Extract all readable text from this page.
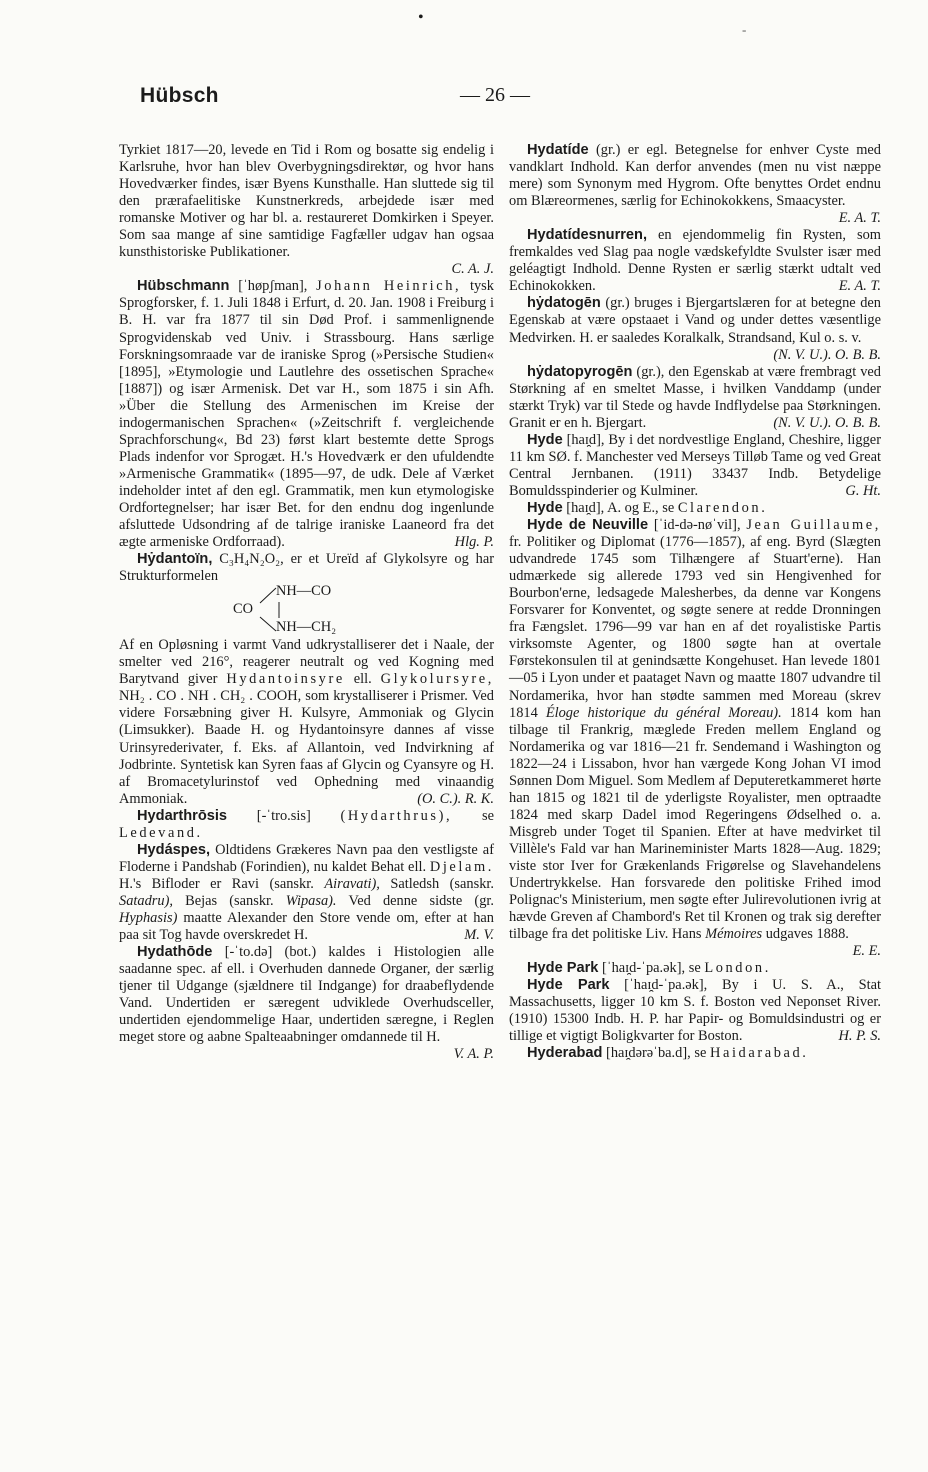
•
-
Hübsch	— 26 —

Tyrkiet 1817—20, levede en Tid i Rom og bosatte sig endelig i Karlsruhe, hvor han blev Overbygningsdirektør, og hvor hans Hovedværker findes, især Byens Kunsthalle. Han sluttede sig til den prærafaelitiske Kunstnerkreds, arbejdede især med romanske Motiver og har bl. a. restaureret Domkirken i Speyer. Som saa mange af sine samtidige Fagfæller udgav han ogsaa kunsthistoriske Publikationer.
C. A. J.

Hübschmann [ˈhøpʃman], Johann Heinrich, tysk Sprogforsker, f. 1. Juli 1848 i Erfurt, d. 20. Jan. 1908 i Freiburg i B. H. var fra 1877 til sin Død Prof. i sammenlignende Sprogvidenskab ved Univ. i Strassbourg. Hans særlige Forskningsomraade var de iraniske Sprog (»Persische Studien« [1895], »Etymologie und Lautlehre des ossetischen Sprache« [1887]) og især Armenisk. Det var H., som 1875 i sin Afh. »Über die Stellung des Armenischen im Kreise der indogermanischen Sprachen« (»Zeitschrift f. vergleichende Sprachforschung«, Bd 23) først klart bestemte dette Sprogs Plads indenfor vor Sprogæt. H.'s Hovedværk er den ufuldendte »Armenische Grammatik« (1895—97, de udk. Dele af Værket indeholder intet af den egl. Grammatik, men kun etymologiske Ordfortegnelser; har især Bet. for den endnu dog ingenlunde afsluttede Udsondring af de talrige iraniske Laaneord fra det ægte armeniske Ordforraad).	Hlg. P.

Hẏdantoïn, C₃H₄N₂O₂, er et Ureïd af Glykolsyre og har Strukturformelen

NH—CO
CO
NH—CH₂

Af en Opløsning i varmt Vand udkrystalliserer det i Naale, der smelter ved 216°, reagerer neutralt og ved Kogning med Barytvand giver Hydantoinsyre ell. Glykolursyre, NH₂ . CO . NH . CH₂ . COOH, som krystalliserer i Prismer. Ved videre Forsæbning giver H. Kulsyre, Ammoniak og Glycin (Limsukker). Baade H. og Hydantoinsyre dannes af visse Urinsyrederivater, f. Eks. af Allantoin, ved Indvirkning af Jodbrinte. Syntetisk kan Syren faas af Glycin og Cyansyre og H. af Bromacetylurinstof ved Ophedning med vinaandig Ammoniak.	(O. C.). R. K.

Hydarthrōsis [-ˈtro.sis] (Hydarthrus), se Ledevand.

Hydáspes, Oldtidens Grækeres Navn paa den vestligste af Floderne i Pandshab (Forindien), nu kaldet Behat ell. Djelam. H.'s Bifloder er Ravi (sanskr. Airavati), Satledsh (sanskr. Satadru), Bejas (sanskr. Wipasa). Ved denne sidste (gr. Hyphasis) maatte Alexander den Store vende om, efter at han paa sit Tog havde overskredet H.	M. V.

Hydathōde [-ˈto.də] (bot.) kaldes i Histologien alle saadanne spec. af ell. i Overhuden dannede Organer, der særlig tjener til Udgange (sjældnere til Indgange) for draabeflydende Vand. Undertiden er særegent udviklede Overhudsceller, undertiden ejendommelige Haar, undertiden særegne, i Reglen meget store og aabne Spalteaabninger omdannede til H.
V. A. P.

Hydatíde (gr.) er egl. Betegnelse for enhver Cyste med vandklart Indhold. Kan derfor anvendes (men nu vist næppe mere) som Synonym med Hygrom. Ofte benyttes Ordet endnu om Blæreormenes, særlig for Echinokokkens, Smaacyster.
E. A. T.

Hydatídesnurren, en ejendommelig fin Rysten, som fremkaldes ved Slag paa nogle vædskefyldte Svulster især med geléagtigt Indhold. Denne Rysten er særlig stærkt udtalt ved Echinokokken.	E. A. T.

hẏdatogēn (gr.) bruges i Bjergartslæren for at betegne den Egenskab at være opstaaet i Vand og under dettes væsentlige Medvirken. H. er saaledes Koralkalk, Strandsand, Kul o. s. v.
(N. V. U.). O. B. B.

hẏdatopyrogēn (gr.), den Egenskab at være frembragt ved Størkning af en smeltet Masse, i hvilken Vanddamp (under stærkt Tryk) var til Stede og havde Indflydelse paa Størkningen. Granit er en h. Bjergart.	(N. V. U.). O. B. B.

Hyde [haɪ̯d], By i det nordvestlige England, Cheshire, ligger 11 km SØ. f. Manchester ved Merseys Tilløb Tame og ved Great Central Jernbanen. (1911) 33437 Indb. Betydelige Bomuldsspinderier og Kulminer.	G. Ht.

Hyde [haɪ̯d], A. og E., se Clarendon.

Hyde de Neuville [ˈid-də-nøˈvil], Jean Guillaume, fr. Politiker og Diplomat (1776—1857), af eng. Byrd (Slægten udvandrede 1745 som Tilhængere af Stuart'erne). Han udmærkede sig allerede 1793 ved sin Hengivenhed for Bourbon'erne, ledsagede Malesherbes, da denne var Kongens Forsvarer for Konventet, og søgte senere at redde Dronningen fra Fængslet. 1796—99 var han en af det royalistiske Partis virksomste Agenter, og 1800 søgte han at overtale Førstekonsulen til at genindsætte Kongehuset. Han levede 1801—05 i Lyon under et paataget Navn og maatte 1807 udvandre til Nordamerika, hvor han stødte sammen med Moreau (skrev 1814 Éloge historique du général Moreau). 1814 kom han tilbage til Frankrig, mæglede Freden mellem England og Nordamerika og var 1816—21 fr. Sendemand i Washington og 1822—24 i Lissabon, hvor han værgede Kong Johan VI imod Sønnen Dom Miguel. Som Medlem af Deputeretkammeret hørte han 1815 og 1821 til de yderligste Royalister, men optraadte 1824 med skarp Dadel imod Regeringens Ødselhed o. a. Misgreb under Toget til Spanien. Efter at have medvirket til Villèle's Fald var han Marineminister Marts 1828—Aug. 1829; viste stor Iver for Grækenlands Frigørelse og Slavehandelens Undertrykkelse. Han forsvarede den politiske Frihed imod Polignac's Ministerium, men søgte efter Julirevolutionen ivrig at hævde Greven af Chambord's Ret til Kronen og trak sig derefter tilbage fra det politiske Liv. Hans Mémoires udgaves 1888.
E. E.

Hyde Park [ˈhaɪ̯d-ˈpa.ək], se London.

Hyde Park [ˈhaɪ̯d-ˈpa.ək], By i U. S. A., Stat Massachusetts, ligger 10 km S. f. Boston ved Neponset River. (1910) 15300 Indb. H. P. har Papir- og Bomuldsindustri og er tillige et vigtigt Boligkvarter for Boston.	H. P. S.

Hyderabad [haɪ̯dərəˈba.d], se Haidarabad.
